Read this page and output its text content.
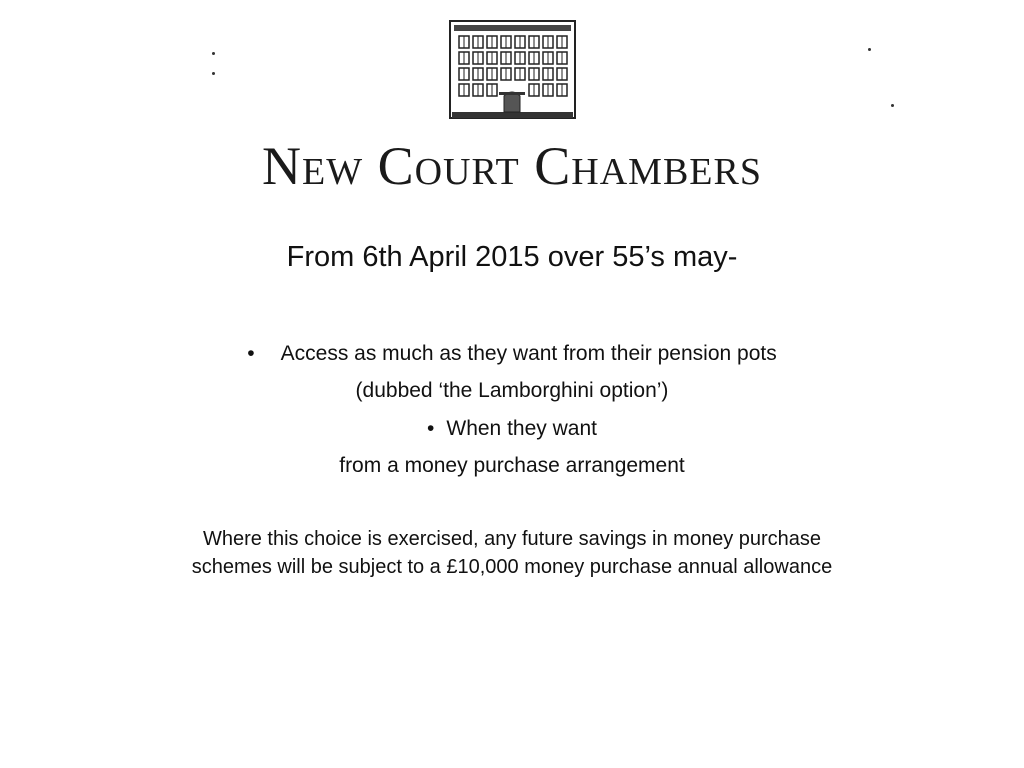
New Court Chambers
From 6th April 2015 over 55’s may-
• Access as much as they want from their pension pots
(dubbed ‘the Lamborghini option’)
• When they want
from a money purchase arrangement
Where this choice is exercised, any future savings in money purchase schemes will be subject to a £10,000 money purchase annual allowance
